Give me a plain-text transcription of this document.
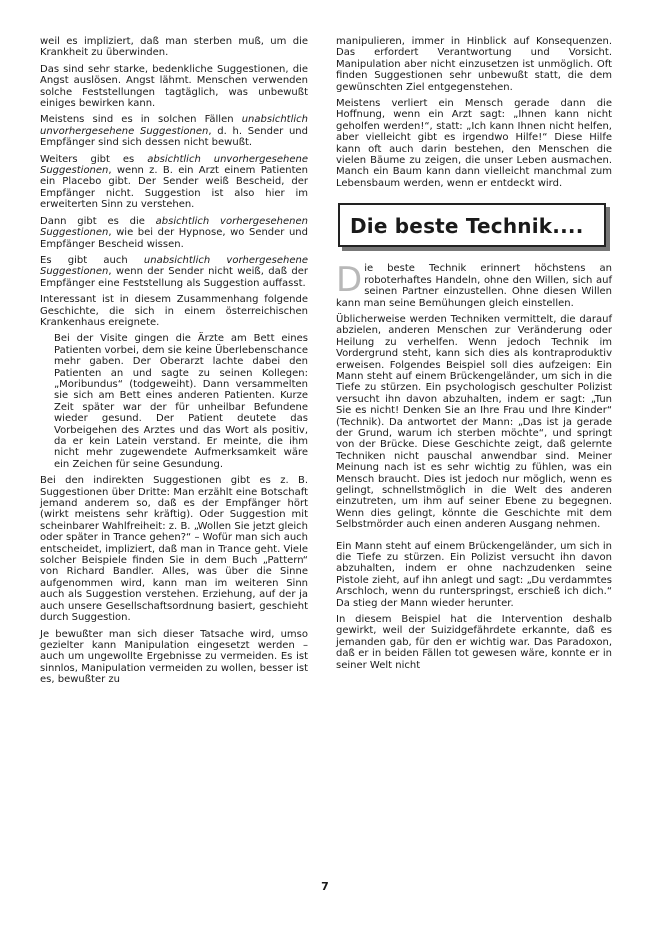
weil es impliziert, daß man sterben muß, um die Krankheit zu überwinden.

Das sind sehr starke, bedenkliche Suggestionen, die Angst auslösen. Angst lähmt. Menschen verwenden solche Feststellungen tagtäglich, was unbewußt einiges bewirken kann.

Meistens sind es in solchen Fällen unabsichtlich unvorhergesehene Suggestionen, d. h. Sender und Empfänger sind sich dessen nicht bewußt.

Weiters gibt es absichtlich unvorhergesehene Suggestionen, wenn z. B. ein Arzt einem Patienten ein Placebo gibt. Der Sender weiß Bescheid, der Empfänger nicht. Suggestion ist also hier im erweiterten Sinn zu verstehen.

Dann gibt es die absichtlich vorhergesehenen Suggestionen, wie bei der Hypnose, wo Sender und Empfänger Bescheid wissen.

Es gibt auch unabsichtlich vorhergesehene Suggestionen, wenn der Sender nicht weiß, daß der Empfänger eine Feststellung als Suggestion auffasst.

Interessant ist in diesem Zusammenhang folgende Geschichte, die sich in einem österreichischen Krankenhaus ereignete.

Bei der Visite gingen die Ärzte am Bett eines Patienten vorbei, dem sie keine Überlebenschance mehr gaben. Der Oberarzt lachte dabei den Patienten an und sagte zu seinen Kollegen: „Moribundus“ (todgeweiht). Dann versammelten sie sich am Bett eines anderen Patienten. Kurze Zeit später war der für unheilbar Befundene wieder gesund. Der Patient deutete das Vorbeigehen des Arztes und das Wort als positiv, da er kein Latein verstand. Er meinte, die ihm nicht mehr zugewendete Aufmerksamkeit wäre ein Zeichen für seine Gesundung.

Bei den indirekten Suggestionen gibt es z. B. Suggestionen über Dritte: Man erzählt eine Botschaft jemand anderem so, daß es der Empfänger hört (wirkt meistens sehr kräftig). Oder Suggestion mit scheinbarer Wahlfreiheit: z. B. „Wollen Sie jetzt gleich oder später in Trance gehen?“ – Wofür man sich auch entscheidet, impliziert, daß man in Trance geht. Viele solcher Beispiele finden Sie in dem Buch „Pattern“ von Richard Bandler. Alles, was über die Sinne aufgenommen wird, kann man im weiteren Sinn auch als Suggestion verstehen. Erziehung, auf der ja auch unsere Gesellschaftsordnung basiert, geschieht durch Suggestion.

Je bewußter man sich dieser Tatsache wird, umso gezielter kann Manipulation eingesetzt werden – auch um ungewollte Ergebnisse zu vermeiden. Es ist sinnlos, Manipulation vermeiden zu wollen, besser ist es, bewußter zu

manipulieren, immer in Hinblick auf Konsequenzen. Das erfordert Verantwortung und Vorsicht. Manipulation aber nicht einzusetzen ist unmöglich. Oft finden Suggestionen sehr unbewußt statt, die dem gewünschten Ziel entgegenstehen.

Meistens verliert ein Mensch gerade dann die Hoffnung, wenn ein Arzt sagt: „Ihnen kann nicht geholfen werden!“, statt: „Ich kann Ihnen nicht helfen, aber vielleicht gibt es irgendwo Hilfe!“ Diese Hilfe kann oft auch darin bestehen, den Menschen die vielen Bäume zu zeigen, die unser Leben ausmachen. Manch ein Baum kann dann vielleicht manchmal zum Lebensbaum werden, wenn er entdeckt wird.

Die beste Technik....

Die beste Technik erinnert höchstens an roboterhaftes Handeln, ohne den Willen, sich auf seinen Partner einzustellen. Ohne diesen Willen kann man seine Bemühungen gleich einstellen.

Üblicherweise werden Techniken vermittelt, die darauf abzielen, anderen Menschen zur Veränderung oder Heilung zu verhelfen. Wenn jedoch Technik im Vordergrund steht, kann sich dies als kontraproduktiv erweisen. Folgendes Beispiel soll dies aufzeigen: Ein Mann steht auf einem Brückengeländer, um sich in die Tiefe zu stürzen. Ein psychologisch geschulter Polizist versucht ihn davon abzuhalten, indem er sagt: „Tun Sie es nicht! Denken Sie an Ihre Frau und Ihre Kinder“ (Technik). Da antwortet der Mann: „Das ist ja gerade der Grund, warum ich sterben möchte“, und springt von der Brücke. Diese Geschichte zeigt, daß gelernte Techniken nicht pauschal anwendbar sind. Meiner Meinung nach ist es sehr wichtig zu fühlen, was ein Mensch braucht. Dies ist jedoch nur möglich, wenn es gelingt, schnellstmöglich in die Welt des anderen einzutreten, um ihm auf seiner Ebene zu begegnen. Wenn dies gelingt, könnte die Geschichte mit dem Selbstmörder auch einen anderen Ausgang nehmen.

Ein Mann steht auf einem Brückengeländer, um sich in die Tiefe zu stürzen. Ein Polizist versucht ihn davon abzuhalten, indem er ohne nachzudenken seine Pistole zieht, auf ihn anlegt und sagt: „Du verdammtes Arschloch, wenn du runterspringst, erschieß ich dich.“ Da stieg der Mann wieder herunter.

In diesem Beispiel hat die Intervention deshalb gewirkt, weil der Suizidgefährdete erkannte, daß es jemanden gab, für den er wichtig war. Das Paradoxon, daß er in beiden Fällen tot gewesen wäre, konnte er in seiner Welt nicht

7
